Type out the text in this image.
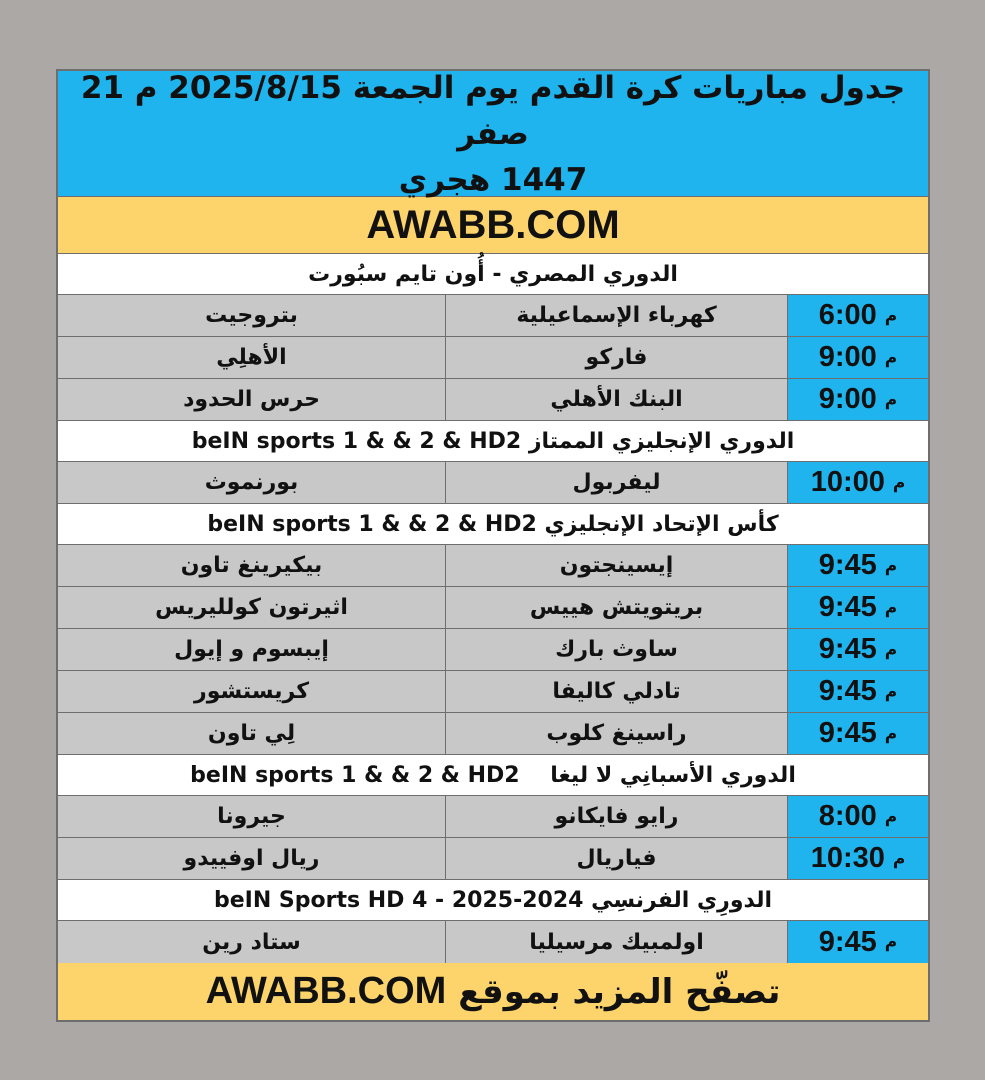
جدول مباريات كرة القدم يوم الجمعة 2025/8/15 م 21 صفر
1447 هجري
AWABB.COM
الدوري المصري - أُون تايم سبُورت
م
6:00
كهرباء الإسماعيلية
بتروجيت
م
9:00
فاركو
الأهلِي
م
9:00
البنك الأهلي
حرس الحدود
الدوري الإنجليزي الممتاز beIN sports 1 & & 2 & HD2
م
10:00
ليفربول
بورنموث
كأس الإتحاد الإنجليزي beIN sports 1 & & 2 & HD2
م
9:45
إيسينجتون
بيكيرينغ تاون
م
9:45
بريتويتش هييس
اثيرتون كولليريس
م
9:45
ساوث بارك
إيبسوم و إيول
م
9:45
تادلي كاليفا
كريستشور
م
9:45
راسينغ كلوب
لِي تاون
الدوري الأسبانِي لا ليغا    beIN sports 1 & & 2 & HD2
م
8:00
رايو فايكانو
جيرونا
م
10:30
فياريال
ريال اوفييدو
الدورِي الفرنسِي 2024-2025 - beIN Sports HD 4
م
9:45
اولمبيك مرسيليا
ستاد رين
تصفّح المزيد بموقع
AWABB.COM
